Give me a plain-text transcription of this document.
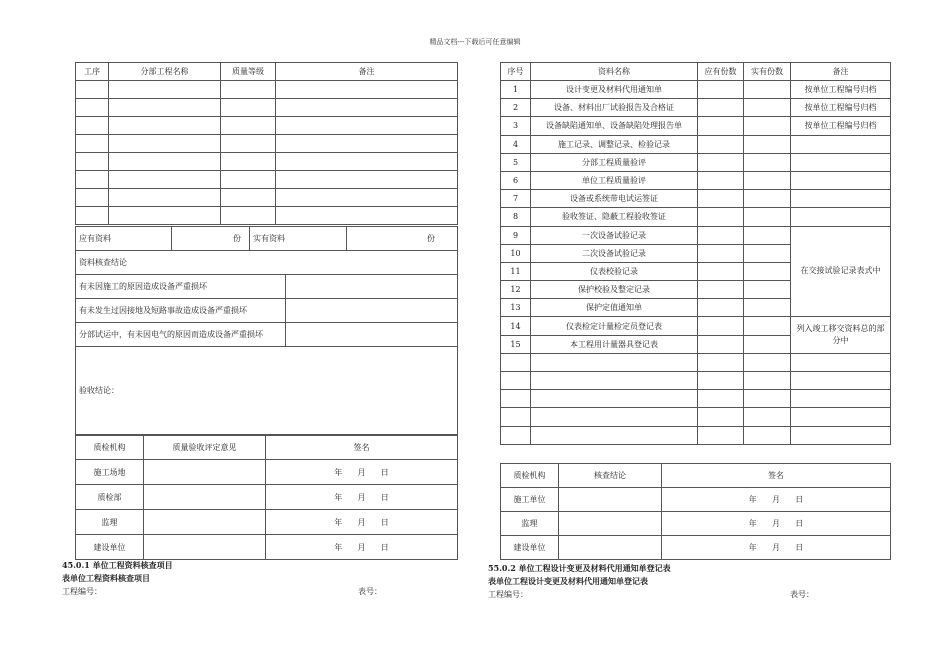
精品文档---下载后可任意编辑
工序	分部工程名称	质量等级	备注

应有资料	份	实有资料	份
资料核查结论	
有未因施工的原因造成设备严重损坏	
有未发生过因接地及短路事故造成设备严重损坏	
分部试运中，有未因电气的原因而造成设备严重损坏	
验收结论：	
质检机构	质量验收评定意见	签名
施工场地		年 月 日
质检部		年 月 日
监理		年 月 日
建设单位		年 月 日
45.0.1 单位工程资料核查项目
表单位工程资料核查项目
工程编号：	表号：
序号	资料名称	应有份数	实有份数	备注
1	设计变更及材料代用通知单			按单位工程编号归档
2	设备、材料出厂试验报告及合格证			按单位工程编号归档
3	设备缺陷通知单、设备缺陷处理报告单			按单位工程编号归档
4	施工记录、调整记录、检验记录			
5	分部工程质量验评			
6	单位工程质量验评			
7	设备或系统带电试运签证			
8	验收签证、隐蔽工程验收签证			
9	一次设备试验记录			在交接试验记录表式中
10	二次设备试验记录			
11	仪表校验记录			
12	保护校验及整定记录			
13	保护定值通知单			
14	仪表检定计量检定员登记表			列入竣工移交资料总的部分中
15	本工程用计量器具登记表			

质检机构	核查结论	签名
施工单位		年 月 日
监理		年 月 日
建设单位		年 月 日
55.0.2 单位工程设计变更及材料代用通知单登记表
表单位工程设计变更及材料代用通知单登记表
工程编号：	表号：
